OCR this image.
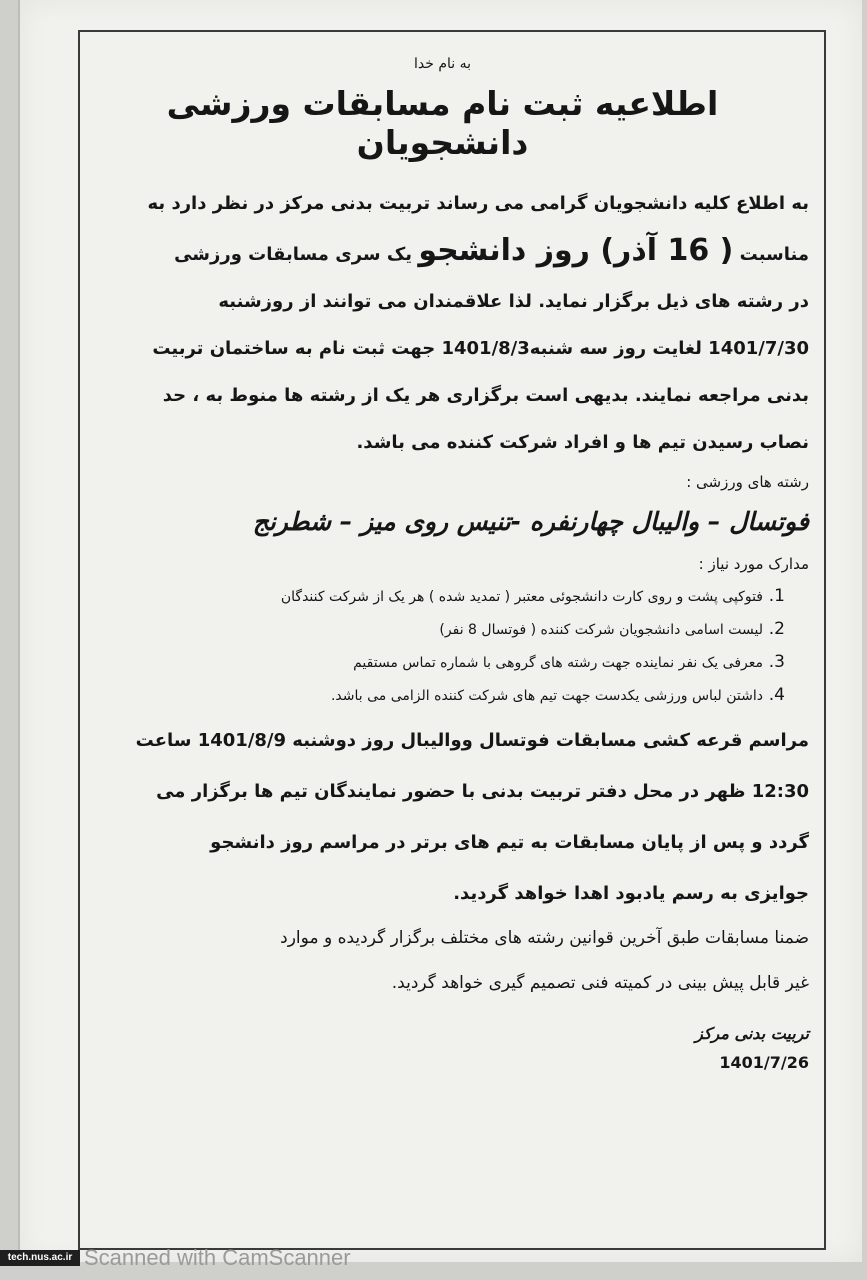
به نام خدا

اطلاعیه ثبت نام مسابقات ورزشی دانشجویان

به اطلاع کلیه دانشجویان گرامی می رساند تربیت بدنی مرکز در نظر دارد به

مناسبت ( 16 آذر) روز دانشجو یک سری مسابقات ورزشی

در رشته های ذیل برگزار نماید. لذا علاقمندان می توانند از روزشنبه

1401/7/30 لغایت روز سه شنبه1401/8/3 جهت ثبت نام به ساختمان تربیت

بدنی مراجعه نمایند. بدیهی است برگزاری هر یک از رشته ها منوط به ، حد

نصاب رسیدن تیم ها و افراد شرکت کننده می باشد.

رشته های ورزشی :

فوتسال – والیبال چهارنفره -تنیس روی میز – شطرنج

مدارک مورد نیاز :

1.فتوکپی پشت و روی کارت دانشجوئی معتبر ( تمدید شده ) هر یک از شرکت کنندگان
2.لیست اسامی دانشجویان شرکت کننده ( فوتسال 8 نفر)
3.معرفی یک نفر نماینده جهت رشته های گروهی با شماره تماس مستقیم
4.داشتن لباس ورزشی یکدست جهت تیم های شرکت کننده الزامی می باشد.

مراسم قرعه کشی مسابقات فوتسال ووالیبال روز دوشنبه 1401/8/9 ساعت

12:30 ظهر در محل دفتر تربیت بدنی با حضور نمایندگان تیم ها برگزار می

گردد و پس از پایان مسابقات به تیم های برتر در مراسم روز دانشجو

جوایزی به رسم یادبود اهدا خواهد گردید.

ضمنا مسابقات طبق آخرین قوانین رشته های مختلف برگزار گردیده و موارد

غیر قابل پیش بینی در کمیته فنی تصمیم گیری خواهد گردید.

تربیت بدنی مرکز

1401/7/26

tech.nus.ac.ir Scanned with CamScanner
